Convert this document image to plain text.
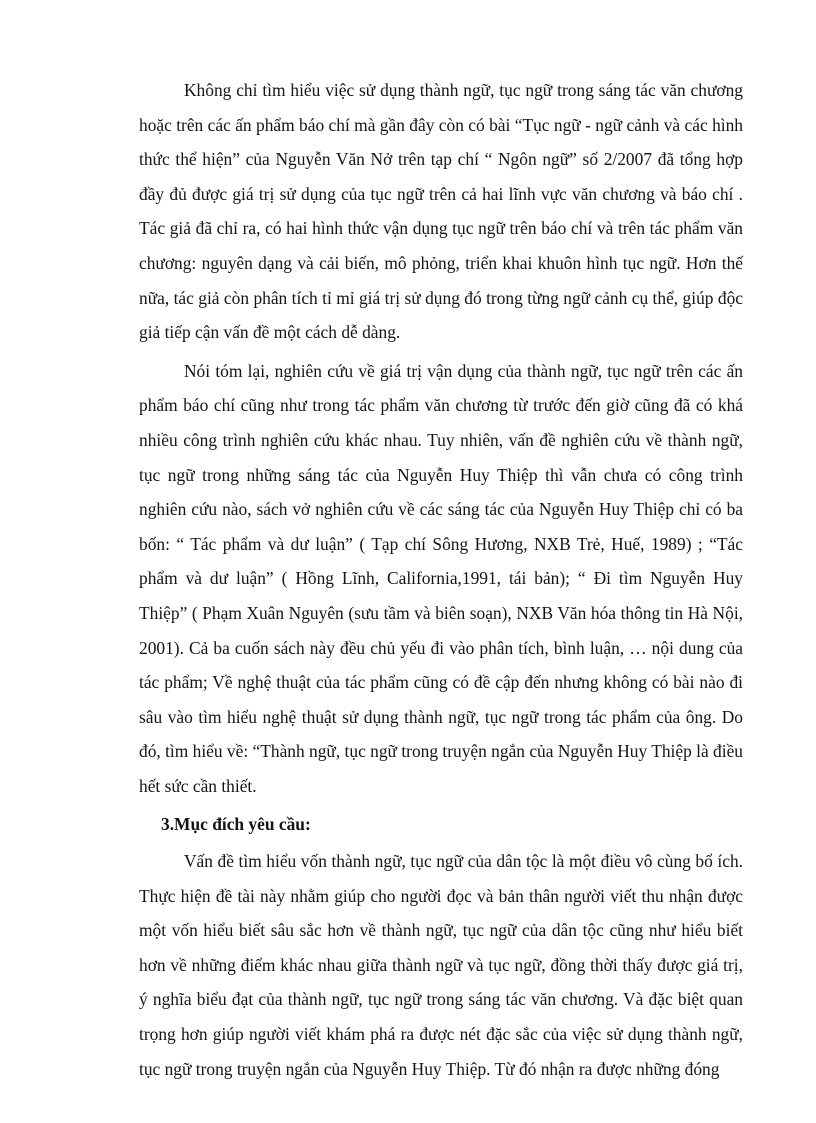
Không chỉ tìm hiểu việc sử dụng thành ngữ, tục ngữ trong sáng tác văn chương hoặc trên các ấn phẩm báo chí mà gần đây còn có bài “Tục ngữ - ngữ cảnh và các hình thức thể hiện” của Nguyễn Văn Nở trên tạp chí “ Ngôn ngữ” số 2/2007 đã tổng hợp đầy đủ được giá trị sử dụng của tục ngữ trên cả hai lĩnh vực văn chương và báo chí . Tác giả đã chỉ ra, có hai hình thức vận dụng tục ngữ trên báo chí và trên tác phẩm văn chương: nguyên dạng và cải biến, mô phỏng, triển khai khuôn hình tục ngữ. Hơn thế nữa, tác giả còn phân tích tỉ mỉ giá trị sử dụng đó trong từng ngữ cảnh cụ thể, giúp độc giả tiếp cận vấn đề một cách dễ dàng.

Nói tóm lại, nghiên cứu về giá trị vận dụng của thành ngữ, tục ngữ trên các ấn phẩm báo chí cũng như trong tác phẩm văn chương từ trước đến giờ cũng đã có khá nhiều công trình nghiên cứu khác nhau. Tuy nhiên, vấn đề nghiên cứu về thành ngữ, tục ngữ trong những sáng tác của Nguyễn Huy Thiệp thì vẫn chưa có công trình nghiên cứu nào, sách vở nghiên cứu về các sáng tác của Nguyễn Huy Thiệp chỉ có ba bốn: “ Tác phẩm và dư luận” ( Tạp chí Sông Hương, NXB Trẻ, Huế, 1989) ; “Tác phẩm và dư luận” ( Hồng Lĩnh, California,1991, tái bản); “ Đi tìm Nguyễn Huy Thiệp” ( Phạm Xuân Nguyên (sưu tầm và biên soạn), NXB Văn hóa thông tin Hà Nội, 2001). Cả ba cuốn sách này đều chủ yếu đi vào phân tích, bình luận, … nội dung của tác phẩm; Về nghệ thuật của tác phẩm cũng có đề cập đến nhưng không có bài nào đi sâu vào tìm hiểu nghệ thuật sử dụng thành ngữ, tục ngữ trong tác phẩm của ông. Do đó, tìm hiểu về: “Thành ngữ, tục ngữ trong truyện ngắn của Nguyễn Huy Thiệp là điều hết sức cần thiết.

3.Mục đích yêu cầu:

Vấn đề tìm hiểu vốn thành ngữ, tục ngữ của dân tộc là một điều vô cùng bổ ích. Thực hiện đề tài này nhằm giúp cho người đọc và bản thân người viết thu nhận được một vốn hiểu biết sâu sắc hơn về thành ngữ, tục ngữ của dân tộc cũng như hiểu biết hơn về những điểm khác nhau giữa thành ngữ và tục ngữ, đồng thời thấy được giá trị, ý nghĩa biểu đạt của thành ngữ, tục ngữ trong sáng tác văn chương. Và đặc biệt quan trọng hơn giúp người viết khám phá ra được nét đặc sắc của việc sử dụng thành ngữ, tục ngữ trong truyện ngắn của Nguyễn Huy Thiệp. Từ đó nhận ra được những đóng
